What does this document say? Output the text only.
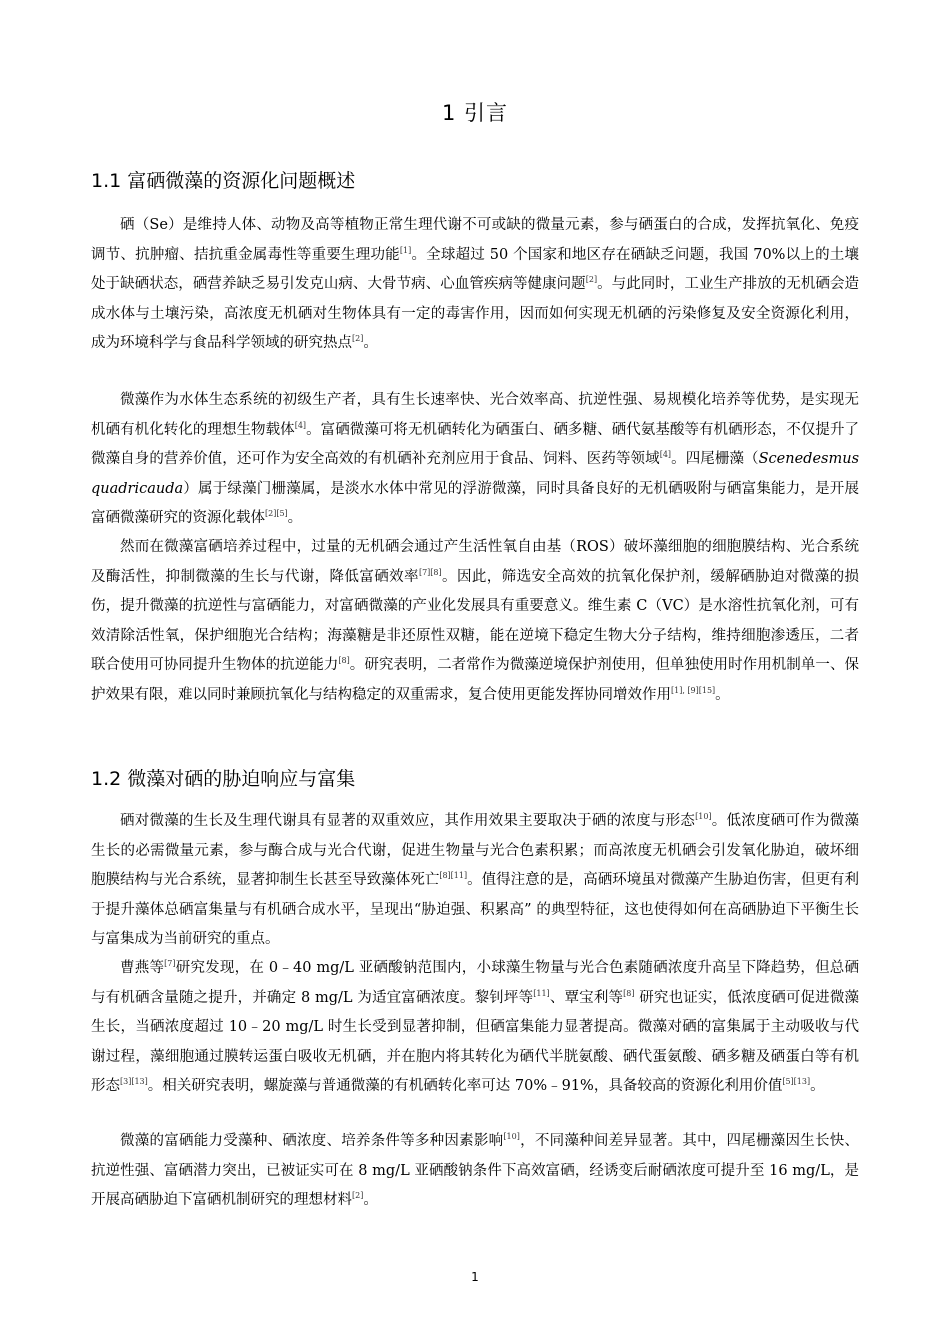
1 引言
1.1 富硒微藻的资源化问题概述

硒（Se）是维持人体、动物及高等植物正常生理代谢不可或缺的微量元素，参与硒蛋白的合成，发挥抗氧化、免疫调节、抗肿瘤、拮抗重金属毒性等重要生理功能[1]。全球超过 50 个国家和地区存在硒缺乏问题，我国 70%以上的土壤处于缺硒状态，硒营养缺乏易引发克山病、大骨节病、心血管疾病等健康问题[2]。与此同时，工业生产排放的无机硒会造成水体与土壤污染，高浓度无机硒对生物体具有一定的毒害作用，因而如何实现无机硒的污染修复及安全资源化利用，成为环境科学与食品科学领域的研究热点[2]。

微藻作为水体生态系统的初级生产者，具有生长速率快、光合效率高、抗逆性强、易规模化培养等优势，是实现无机硒有机化转化的理想生物载体[4]。富硒微藻可将无机硒转化为硒蛋白、硒多糖、硒代氨基酸等有机硒形态，不仅提升了微藻自身的营养价值，还可作为安全高效的有机硒补充剂应用于食品、饲料、医药等领域[4]。四尾栅藻（Scenedesmus quadricauda）属于绿藻门栅藻属，是淡水水体中常见的浮游微藻，同时具备良好的无机硒吸附与硒富集能力，是开展富硒微藻研究的资源化载体[2][5]。

然而在微藻富硒培养过程中，过量的无机硒会通过产生活性氧自由基（ROS）破坏藻细胞的细胞膜结构、光合系统及酶活性，抑制微藻的生长与代谢，降低富硒效率[7][8]。因此，筛选安全高效的抗氧化保护剂，缓解硒胁迫对微藻的损伤，提升微藻的抗逆性与富硒能力，对富硒微藻的产业化发展具有重要意义。维生素 C（VC）是水溶性抗氧化剂，可有效清除活性氧，保护细胞光合结构；海藻糖是非还原性双糖，能在逆境下稳定生物大分子结构，维持细胞渗透压，二者联合使用可协同提升生物体的抗逆能力[8]。研究表明，二者常作为微藻逆境保护剂使用，但单独使用时作用机制单一、保护效果有限，难以同时兼顾抗氧化与结构稳定的双重需求，复合使用更能发挥协同增效作用[1], [9][15]。

1.2 微藻对硒的胁迫响应与富集

硒对微藻的生长及生理代谢具有显著的双重效应，其作用效果主要取决于硒的浓度与形态[10]。低浓度硒可作为微藻生长的必需微量元素，参与酶合成与光合代谢，促进生物量与光合色素积累；而高浓度无机硒会引发氧化胁迫，破坏细胞膜结构与光合系统，显著抑制生长甚至导致藻体死亡[8][11]。值得注意的是，高硒环境虽对微藻产生胁迫伤害，但更有利于提升藻体总硒富集量与有机硒合成水平，呈现出“胁迫强、积累高” 的典型特征，这也使得如何在高硒胁迫下平衡生长与富集成为当前研究的重点。

曹燕等[7]研究发现，在 0﹣40 mg/L 亚硒酸钠范围内，小球藻生物量与光合色素随硒浓度升高呈下降趋势，但总硒与有机硒含量随之提升，并确定 8 mg/L 为适宜富硒浓度。黎钊坪等[11]、覃宝利等[8] 研究也证实，低浓度硒可促进微藻生长，当硒浓度超过 10﹣20 mg/L 时生长受到显著抑制，但硒富集能力显著提高。微藻对硒的富集属于主动吸收与代谢过程，藻细胞通过膜转运蛋白吸收无机硒，并在胞内将其转化为硒代半胱氨酸、硒代蛋氨酸、硒多糖及硒蛋白等有机形态[3][13]。相关研究表明，螺旋藻与普通微藻的有机硒转化率可达 70%﹣91%，具备较高的资源化利用价值[5][13]。

微藻的富硒能力受藻种、硒浓度、培养条件等多种因素影响[10]，不同藻种间差异显著。其中，四尾栅藻因生长快、抗逆性强、富硒潜力突出，已被证实可在 8 mg/L 亚硒酸钠条件下高效富硒，经诱变后耐硒浓度可提升至 16 mg/L，是开展高硒胁迫下富硒机制研究的理想材料[2]。

1
